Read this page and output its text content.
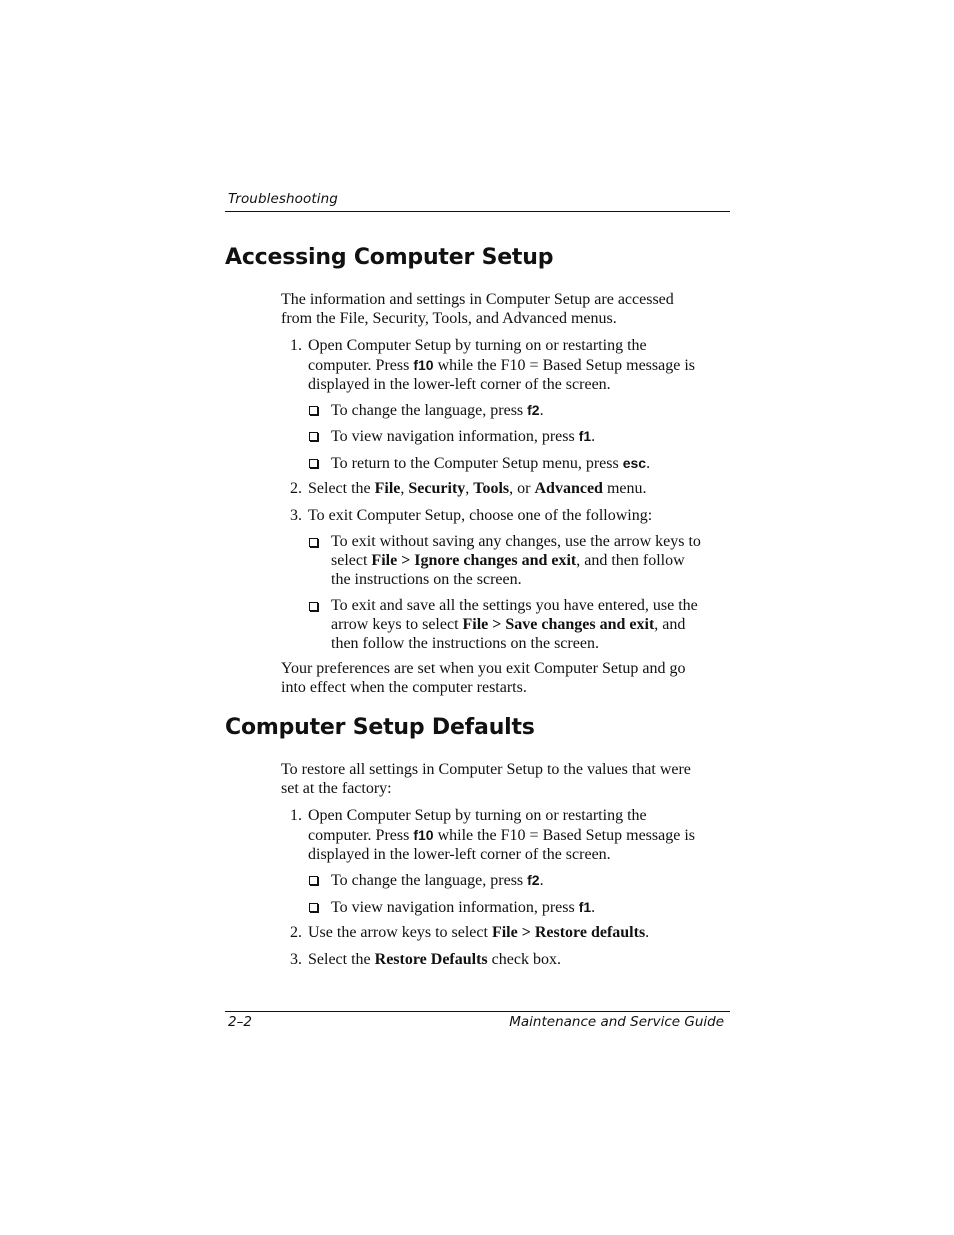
Troubleshooting
Accessing Computer Setup

The information and settings in Computer Setup are accessed

from the File, Security, Tools, and Advanced menus.

1. Open Computer Setup by turning on or restarting the
computer. Press f10 while the F10 = Based Setup message is
displayed in the lower-left corner of the screen.
To change the language, press f2.
To view navigation information, press f1.
To return to the Computer Setup menu, press esc.
2. Select the File, Security, Tools, or Advanced menu.
3. To exit Computer Setup, choose one of the following:
To exit without saving any changes, use the arrow keys to
select File > Ignore changes and exit, and then follow
the instructions on the screen.
To exit and save all the settings you have entered, use the
arrow keys to select File > Save changes and exit, and
then follow the instructions on the screen.

Your preferences are set when you exit Computer Setup and go

into effect when the computer restarts.

Computer Setup Defaults

To restore all settings in Computer Setup to the values that were

set at the factory:

1. Open Computer Setup by turning on or restarting the
computer. Press f10 while the F10 = Based Setup message is
displayed in the lower-left corner of the screen.
To change the language, press f2.
To view navigation information, press f1.
2. Use the arrow keys to select File > Restore defaults.
3. Select the Restore Defaults check box.
2–2	Maintenance and Service Guide
